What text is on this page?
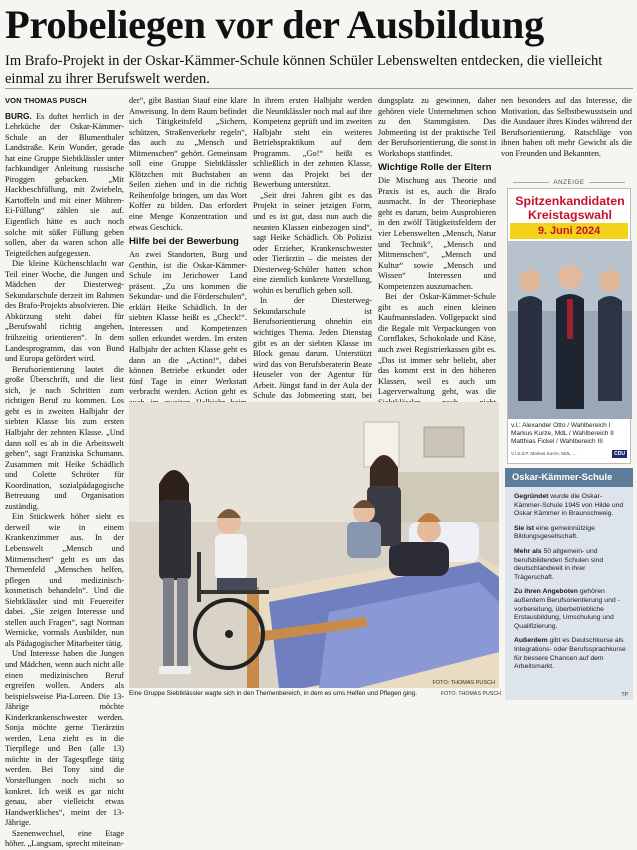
Probeliegen vor der Ausbildung
Im Brafo-Projekt in der Oskar-Kämmer-Schule können Schüler Lebenswelten entdecken, die vielleicht einmal zu ihrer Berufswelt werden.

VON THOMAS PUSCH

BURG. Es duftet herrlich in der Lehrküche der Oskar-Kämmer-Schule an der Blumenthaler Landstraße. Kein Wunder, gerade hat eine Gruppe Siebtklässler unter fachkundiger Anleitung russische Piroggen gebacken. „Mit Hackbeschfüllung, mit Zwiebeln, Kartoffeln und mit einer Möhren-Ei-Füllung“ zählen sie auf. Eigentlich hätte es auch noch solche mit süßer Füllung geben sollen, aber da waren schon alle Teigteilchen aufgegessen.

Die kleine Küchenschlacht war Teil einer Woche, die Jungen und Mädchen der Diesterweg-Sekundarschule derzeit im Rahmen des Brafo-Projekts absolvieren. Die Abkürzung steht dabei für „Berufswahl richtig angehen, frühzeitig orientieren“. In dem Landesprogramm, das von Bund und Europa gefördert wird.

Berufsorientierung lautet die große Überschrift, und die liest sich, je nach Schritten zum richtigen Beruf zu kommen. Los geht es in zweiten Halbjahr der siebten Klasse bis zum ersten Halbjahr der zehnten Klasse. „Und dann soll es ab in die Arbeitswelt gehen“, sagt Franziska Schumann. Zusammen mit Heike Schädlich und Colette Schröter für Koordination, sozialpädagogische Betreuung und Organisation zuständig.

Ein Stückwerk höher sieht es derweil wie in einem Krankenzimmer aus. In der Lebenswelt „Mensch und Mitmenschen“ geht es um das Themenfeld „Menschen helfen, pflegen und medizinisch-kosmetisch behandeln“. Und die Siebtklässler sind mit Feuereifer dabei. „Sie zeigen Interesse und stellen auch Fragen“, sagt Norman Wernicke, vormals Ausbilder, nun als Pädagogischer Mitarbeiter tätig.

Und Interesse haben die Jungen und Mädchen, wenn auch nicht alle einen medizinischen Beruf ergreifen wollen. Anders als beispielsweise Pia-Loreen. Die 13-Jährige möchte Kinderkrankenschwester werden. Sonja möchte gerne Tierärztin werden, Lena zieht es in die Tierpflege und Ben (alle 13) möchte in der Tagespflege tätig werden. Bei Tony sind die Vorstellungen noch nicht so konkret. Ich weiß es gar nicht genau, aber vielleicht etwas Handwerkliches“, meint der 13-Jährige.

Szenenwechsel, eine Etage höher. „Langsam, sprecht miteinan-

der“, gibt Bastian Stauf eine klare Anweisung. In dem Raum befindet sich Tätigkeitsfeld „Sichern, schützen, Straßenverkehr regeln“, das auch zu „Mensch und Mitmenschen“ gehört. Gemeinsam soll eine Gruppe Siebtklässler Klötzchen mit Buchstaben an Seilen ziehen und in die richtig Reihenfolge bringen, um das Wort Koffer zu bilden. Das erfordert eine Menge Konzentration und etwas Geschick.

Hilfe bei der Bewerbung

An zwei Standorten, Burg und Genthin, ist die Oskar-Kämmer-Schule im Jerichower Land präsent. „Zu uns kommen die Sekundar- und die Förderschulen“, erklärt Heike Schädlich. In der siebten Klasse heißt es „Check!“. Interessen und Kompetenzen sollen erkundet werden. Im ersten Halbjahr der achten Klasse geht es dann an die „Action!“, dabei können Betriebe erkundet oder fünf Tage in einer Werkstatt verbracht werden. Action geht es

In ihrem ersten Halbjahr werden die Neuntklässler noch mal auf ihre Kompetenz geprüft und im zweiten Halbjahr steht ein weiteres Betriebspraktikum auf dem Programm. „Go!“ heißt es schließlich in der zehnten Klasse, wenn das Projekt bei der Bewerbung unterstützt.

„Seit drei Jahren gibt es das Projekt in seiner jetzigen Form, und es ist gut, dass nun auch die neunten Klassen einbezogen sind“, sagt Heike Schädlich. Ob Polizist oder Erzieher, Krankenschwester oder Tierärztin – die meisten der Diesterweg-Schüler hatten schon eine ziemlich konkrete Vorstellung, wohin es beruflich gehen soll.

In der Diesterweg-Sekundarschule ist Berufsorientierung ohnehin ein wichtiges Thema. Jeden Dienstag gibt es an der siebten Klasse im Block genau darum. Unterstützt wird das von Berufsberaterin Beate Heuseler von der Agentur für Arbeit. Jüngst fand in der Aula der Schule das Jobmeeting statt, bei

dungsplatz zu gewinnen, daher gehören viele Unternehmen schon zu den Stammgästen. Das Jobmeeting ist der praktische Teil der Berufsorientierung, die sonst in Workshops stattfindet.

Wichtige Rolle der Eltern

Die Mischung aus Theorie und Praxis ist es, auch die Brafo ausmacht. In der Theoriephase geht es darum, beim Ausprobieren in den zwölf Tätigkeitsfeldern der vier Lebenswelten „Mensch, Natur und Technik“, „Mensch und Mitmenschen“, „Mensch und Kultur“ sowie „Mensch und Wissen“ Interessen und Kompetenzen auszumachen.

Bei der Oskar-Kämmer-Schule gibt es auch einen kleinen Kaufmannsladen. Vollgepackt sind die Regale mit Verpackungen von Cornflakes, Schokolade und Käse, auch zwei Registrierkassen gibt es. „Das ist immer sehr beliebt, aber das kommt erst in den höheren Klassen, weil es auch um Lagerverwaltung geht, was die

nen besonders auf das Interesse, die Motivation, das Selbstbewusstsein und die Ausdauer ihres Kindes während der Berufsorientierung. Ratschläge von ihnen haben oft mehr Gewicht als die von Freunden und Bekannten.

FOTO: THOMAS PUSCH
Eine Gruppe Siebtklässler wagte sich in den Themenbereich, in dem es ums Helfen und Pflegen ging.	FOTO: THOMAS PUSCH
ANZEIGE
Spitzenkandidaten
Kreistagswahl
9. Juni 2024
v.l.: Alexander Otto / Wahlbereich I Markus Kurze, MdL / Wahlbereich II Matthias Fickel / Wahlbereich III
V.i.S.d.P. Markus Kurze, MdL, ...	CDU
Oskar-Kämmer-Schule

Gegründet wurde die Oskar-Kämmer-Schule 1945 von Hilde und Oskar Kämmer in Braunschweig.

Sie ist eine gemeinnützige Bildungsgesellschaft.

Mehr als 50 allgemein- und berufsbildenden Schulen sind deutschlandweit in ihrer Trägerschaft.

Zu ihren Angeboten gehören außerdem Berufsorientierung und -vorbereitung, überbetriebliche Erstausbildung, Umschulung und Qualifizierung.

Außerdem gibt es Deutschkurse als Integrations- oder Berufssprachkurse für bessere Chancen auf dem Arbeitsmarkt.

TP
